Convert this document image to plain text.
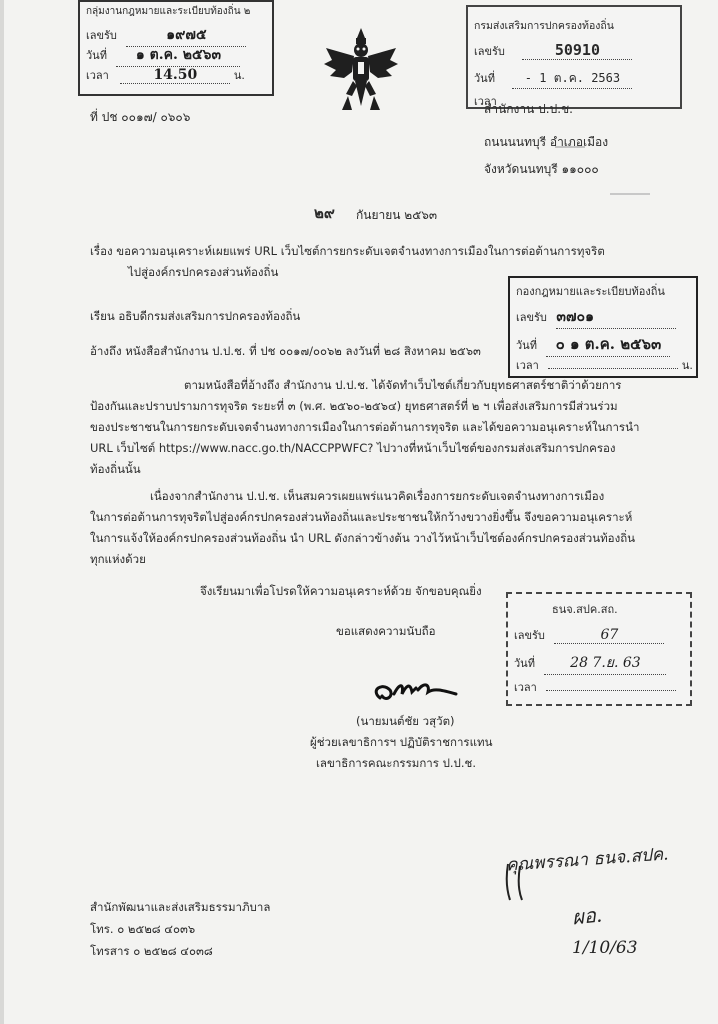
กลุ่มงานกฎหมายและระเบียบท้องถิ่น ๒
เลขรับ	๑๙๗๕
วันที่ ๑ ต.ค. ๒๕๖๓
เวลา	14.50	น.
กรมส่งเสริมการปกครองท้องถิ่น
เลขรับ	50910
วันที่ - 1 ต.ค. 2563
เวลา
ที่ ปช ๐๐๑๗/ ๐๖๐๖
สำนักงาน ป.ป.ช.
ถนนนนทบุรี อำเภอเมือง
จังหวัดนนทบุรี ๑๑๐๐๐
๒๙ กันยายน ๒๕๖๓
เรื่อง ขอความอนุเคราะห์เผยแพร่ URL เว็บไซต์การยกระดับเจตจำนงทางการเมืองในการต่อต้านการทุจริต
ไปสู่องค์กรปกครองส่วนท้องถิ่น
กองกฎหมายและระเบียบท้องถิ่น
เลขรับ ๓๗๐๑
วันที่ ๐ ๑ ต.ค. ๒๕๖๓
เวลา	น.
เรียน อธิบดีกรมส่งเสริมการปกครองท้องถิ่น
อ้างถึง หนังสือสำนักงาน ป.ป.ช. ที่ ปช ๐๐๑๗/๐๐๖๒ ลงวันที่ ๒๘ สิงหาคม ๒๕๖๓
ตามหนังสือที่อ้างถึง สำนักงาน ป.ป.ช. ได้จัดทำเว็บไซต์เกี่ยวกับยุทธศาสตร์ชาติว่าด้วยการ
ป้องกันและปราบปรามการทุจริต ระยะที่ ๓ (พ.ศ. ๒๕๖๐-๒๕๖๔) ยุทธศาสตร์ที่ ๒ ฯ เพื่อส่งเสริมการมีส่วนร่วม
ของประชาชนในการยกระดับเจตจำนงทางการเมืองในการต่อต้านการทุจริต และได้ขอความอนุเคราะห์ในการนำ
URL เว็บไซต์ https://www.nacc.go.th/NACCPPWFC? ไปวางที่หน้าเว็บไซต์ของกรมส่งเสริมการปกครอง
ท้องถิ่นนั้น
เนื่องจากสำนักงาน ป.ป.ช. เห็นสมควรเผยแพร่แนวคิดเรื่องการยกระดับเจตจำนงทางการเมือง
ในการต่อต้านการทุจริตไปสู่องค์กรปกครองส่วนท้องถิ่นและประชาชนให้กว้างขวางยิ่งขึ้น จึงขอความอนุเคราะห์
ในการแจ้งให้องค์กรปกครองส่วนท้องถิ่น นำ URL ดังกล่าวข้างต้น วางไว้หน้าเว็บไซต์องค์กรปกครองส่วนท้องถิ่น
ทุกแห่งด้วย
จึงเรียนมาเพื่อโปรดให้ความอนุเคราะห์ด้วย จักขอบคุณยิ่ง
ขอแสดงความนับถือ
ธนจ.สปค.สถ.
เลขรับ	67
วันที่	28 7.ย. 63
เวลา
(นายมนต์ชัย วสุวัต)
ผู้ช่วยเลขาธิการฯ ปฏิบัติราชการแทน
เลขาธิการคณะกรรมการ ป.ป.ช.
คุณพรรณา ธนจ.สปค.
ผอ.
1/10/63
สำนักพัฒนาและส่งเสริมธรรมาภิบาล
โทร. ๐ ๒๕๒๘ ๔๐๓๖
โทรสาร ๐ ๒๕๒๘ ๔๐๓๘
